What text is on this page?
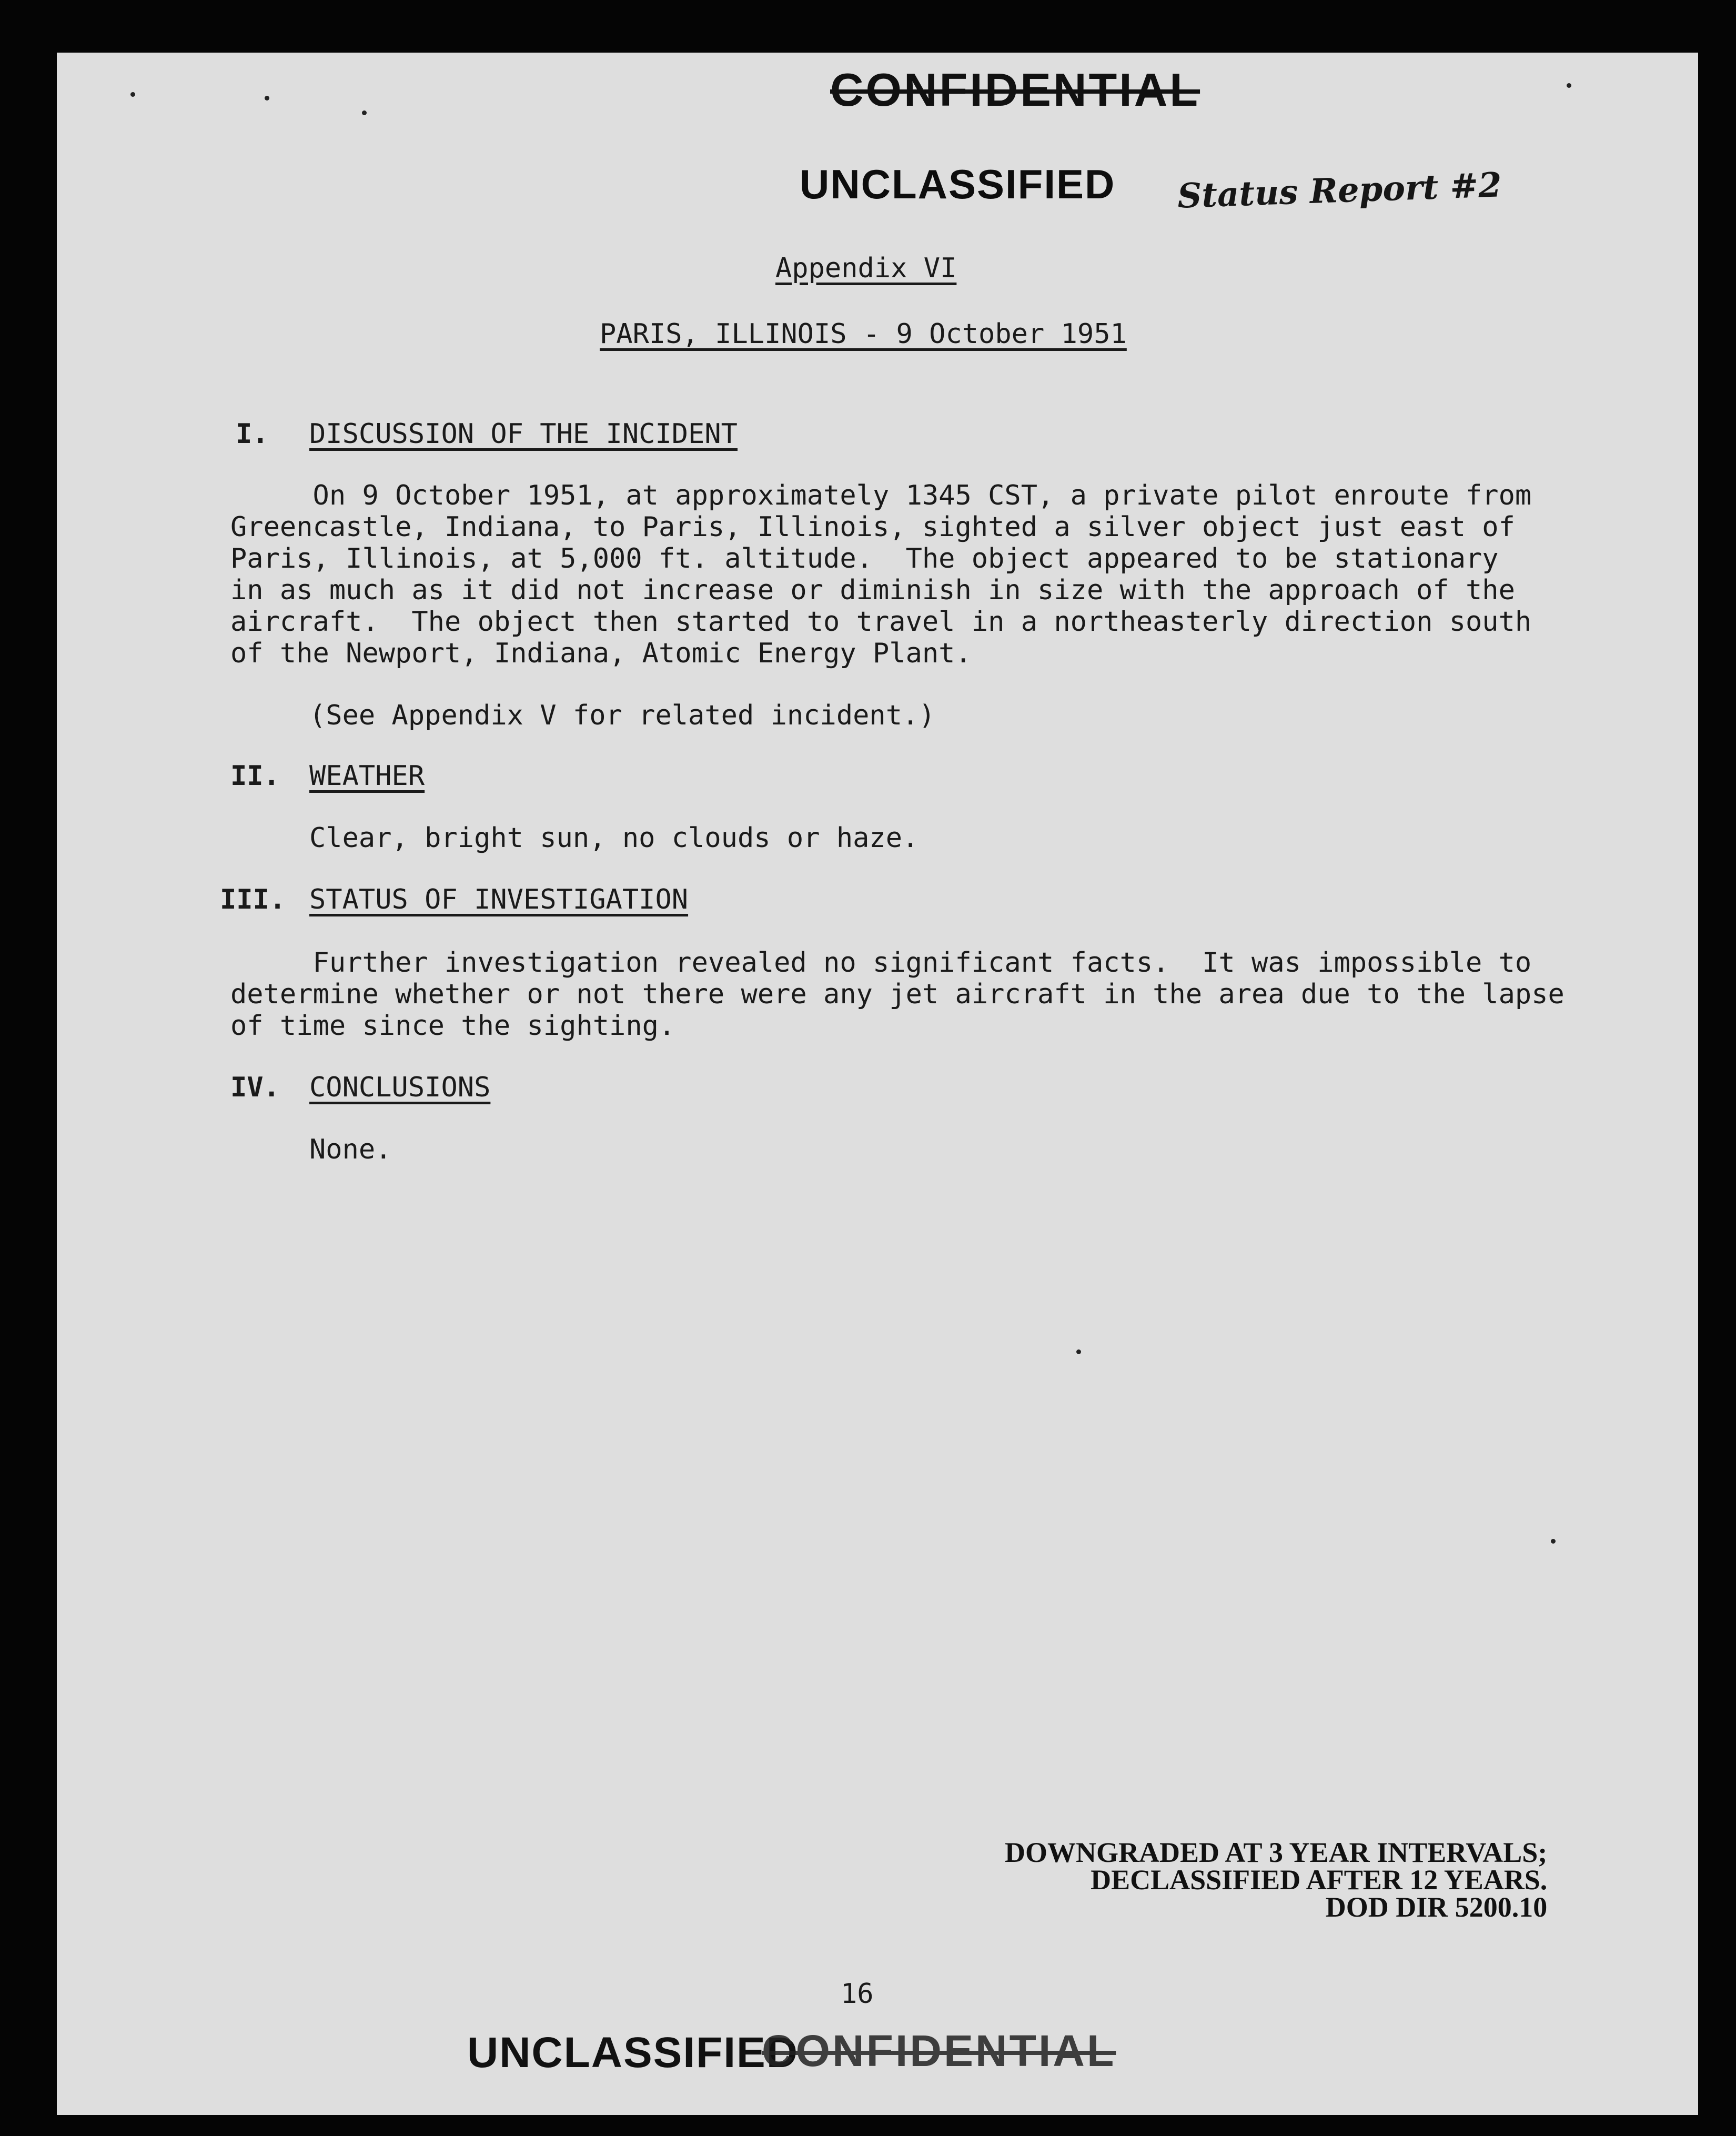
CONFIDENTIAL
UNCLASSIFIED Status Report #2
Appendix VI
PARIS, ILLINOIS - 9 October 1951
I. DISCUSSION OF THE INCIDENT
On 9 October 1951, at approximately 1345 CST, a private pilot enroute from
Greencastle, Indiana, to Paris, Illinois, sighted a silver object just east of
Paris, Illinois, at 5,000 ft. altitude.  The object appeared to be stationary
in as much as it did not increase or diminish in size with the approach of the
aircraft.  The object then started to travel in a northeasterly direction south
of the Newport, Indiana, Atomic Energy Plant.
(See Appendix V for related incident.)
II. WEATHER
Clear, bright sun, no clouds or haze.
III. STATUS OF INVESTIGATION
Further investigation revealed no significant facts.  It was impossible to
determine whether or not there were any jet aircraft in the area due to the lapse
of time since the sighting.
IV. CONCLUSIONS
None.
DOWNGRADED AT 3 YEAR INTERVALS;
DECLASSIFIED AFTER 12 YEARS.
DOD DIR 5200.10
16
UNCLASSIFIED
CONFIDENTIAL
